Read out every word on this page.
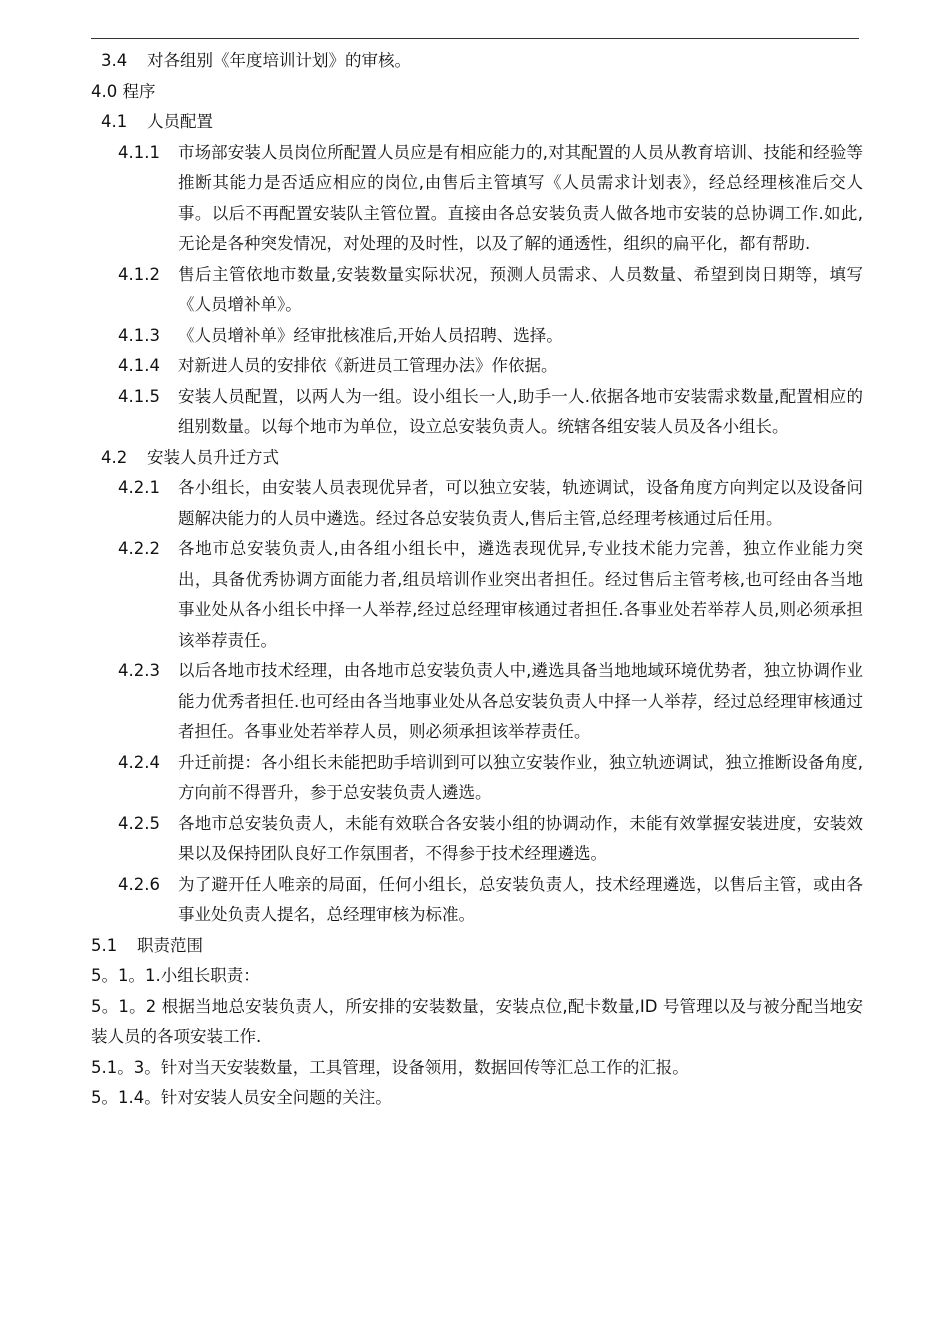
3.4	对各组别《年度培训计划》的审核。
4.0 程序
4.1	人员配置
4.1.1	市场部安装人员岗位所配置人员应是有相应能力的,对其配置的人员从教育培训、技能和经验等推断其能力是否适应相应的岗位,由售后主管填写《人员需求计划表》，经总经理核准后交人事。以后不再配置安装队主管位置。直接由各总安装负责人做各地市安装的总协调工作.如此,无论是各种突发情况，对处理的及时性，以及了解的通透性，组织的扁平化，都有帮助.
4.1.2	售后主管依地市数量,安装数量实际状况，预测人员需求、人员数量、希望到岗日期等，填写《人员增补单》。
4.1.3	《人员增补单》经审批核准后,开始人员招聘、选择。
4.1.4	对新进人员的安排依《新进员工管理办法》作依据。
4.1.5	安装人员配置，以两人为一组。设小组长一人,助手一人.依据各地市安装需求数量,配置相应的组别数量。以每个地市为单位，设立总安装负责人。统辖各组安装人员及各小组长。
4.2	安装人员升迁方式
4.2.1	各小组长，由安装人员表现优异者，可以独立安装，轨迹调试，设备角度方向判定以及设备问题解决能力的人员中遴选。经过各总安装负责人,售后主管,总经理考核通过后任用。
4.2.2	各地市总安装负责人,由各组小组长中，遴选表现优异,专业技术能力完善，独立作业能力突出，具备优秀协调方面能力者,组员培训作业突出者担任。经过售后主管考核,也可经由各当地事业处从各小组长中择一人举荐,经过总经理审核通过者担任.各事业处若举荐人员,则必须承担该举荐责任。
4.2.3	以后各地市技术经理，由各地市总安装负责人中,遴选具备当地地域环境优势者，独立协调作业能力优秀者担任.也可经由各当地事业处从各总安装负责人中择一人举荐，经过总经理审核通过者担任。各事业处若举荐人员，则必须承担该举荐责任。
4.2.4	升迁前提：各小组长未能把助手培训到可以独立安装作业，独立轨迹调试，独立推断设备角度,方向前不得晋升，参于总安装负责人遴选。
4.2.5	各地市总安装负责人，未能有效联合各安装小组的协调动作，未能有效掌握安装进度，安装效果以及保持团队良好工作氛围者，不得参于技术经理遴选。
4.2.6	为了避开任人唯亲的局面，任何小组长，总安装负责人，技术经理遴选，以售后主管，或由各事业处负责人提名，总经理审核为标准。
5.1	职责范围
5。1。1.小组长职责：
5。1。2 根据当地总安装负责人，所安排的安装数量，安装点位,配卡数量,ID 号管理以及与被分配当地安装人员的各项安装工作.
5.1。3。针对当天安装数量，工具管理，设备领用，数据回传等汇总工作的汇报。
5。1.4。针对安装人员安全问题的关注。
